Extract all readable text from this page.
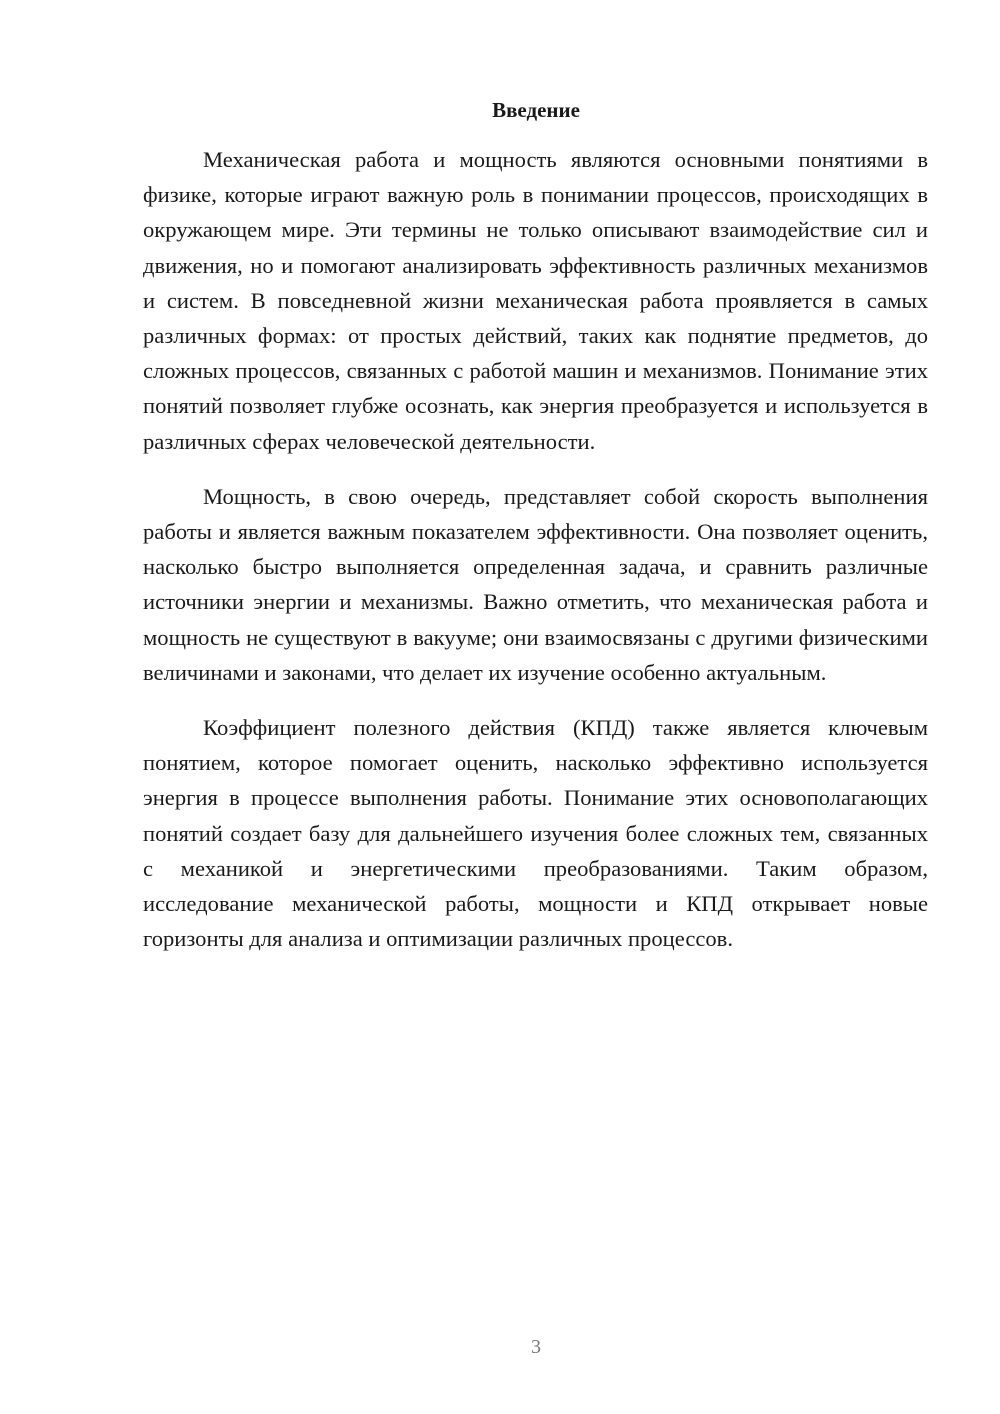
Введение

Механическая работа и мощность являются основными понятиями в физике, которые играют важную роль в понимании процессов, происходящих в окружающем мире. Эти термины не только описывают взаимодействие сил и движения, но и помогают анализировать эффективность различных механизмов и систем. В повседневной жизни механическая работа проявляется в самых различных формах: от простых действий, таких как поднятие предметов, до сложных процессов, связанных с работой машин и механизмов. Понимание этих понятий позволяет глубже осознать, как энергия преобразуется и используется в различных сферах человеческой деятельности.

Мощность, в свою очередь, представляет собой скорость выполнения работы и является важным показателем эффективности. Она позволяет оценить, насколько быстро выполняется определенная задача, и сравнить различные источники энергии и механизмы. Важно отметить, что механическая работа и мощность не существуют в вакууме; они взаимосвязаны с другими физическими величинами и законами, что делает их изучение особенно актуальным.

Коэффициент полезного действия (КПД) также является ключевым понятием, которое помогает оценить, насколько эффективно используется энергия в процессе выполнения работы. Понимание этих основополагающих понятий создает базу для дальнейшего изучения более сложных тем, связанных с механикой и энергетическими преобразованиями. Таким образом, исследование механической работы, мощности и КПД открывает новые горизонты для анализа и оптимизации различных процессов.

3
